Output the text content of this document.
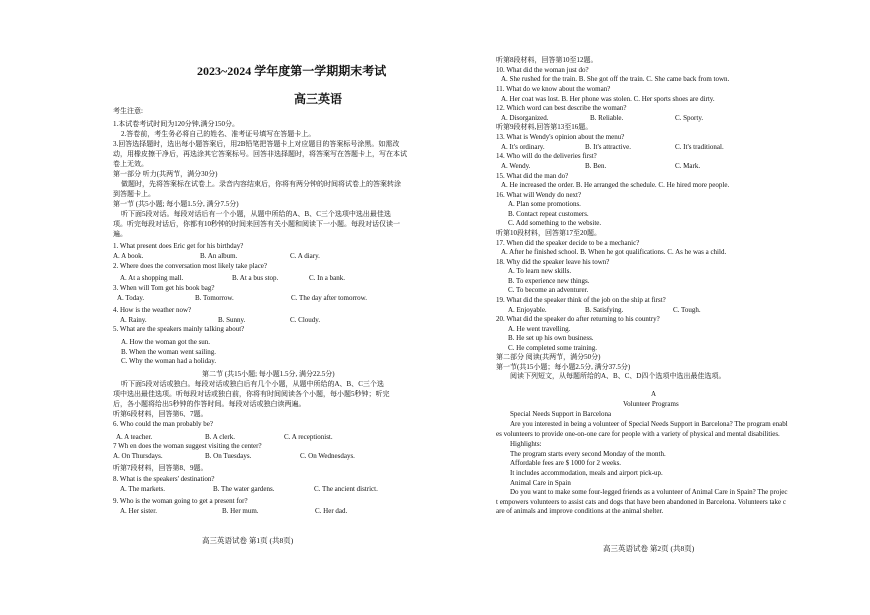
2023~2024 学年度第一学期期末考试
高三英语
考生注意:
1.本试卷考试时间为120分钟,满分150分。
2.答卷前，考生务必将自己的姓名、准考证号填写在答题卡上。
3.回答选择题时，选出每小题答案后，用2B铅笔把答题卡上对应题目的答案标号涂黑。如需改
动，用橡皮擦干净后，再选涂其它答案标号。回答非选择题时，将答案写在答题卡上，写在本试
卷上无效。
第一部分 听力(共两节，满分30分)
做题时，先将答案标在试卷上。录音内容结束后，你将有两分钟的时间将试卷上的答案转涂
到答题卡上。
第一节 (共5小题; 每小题1.5分, 满分7.5分)
听下面5段对话。每段对话后有一个小题，从题中所给的A、B、C三个选项中选出最佳选
项。听完每段对话后，你都有10秒钟的时间来回答有关小题和阅读下一小题。每段对话仅读一
遍。
1. What present does Eric get for his birthday?
A. A book.	B. An album.	C. A diary.
2. Where does the conversation most likely take place?
A. At a shopping mall.	B. At a bus stop.	C. In a bank.
3. When will Tom get his book bag?
A. Today.	B. Tomorrow.	C. The day after tomorrow.
4. How is the weather now?
A. Rainy.	B. Sunny.	C. Cloudy.
5. What are the speakers mainly talking about?
A. How the woman got the sun.
B. When the woman went sailing.
C. Why the woman had a holiday.
第二节 (共15小题; 每小题1.5分, 满分22.5分)
听下面5段对话或独白。每段对话或独白后有几个小题，从题中所给的A、B、C三个选
项中选出最佳选项。听每段对话或独白前，你将有时间阅读各个小题，每小题5秒钟；听完
后，各小题将给出5秒钟的作答时间。每段对话或独白读两遍。
听第6段材料，回答第6、7题。
6. Who could the man probably be?
A. A teacher.	B. A clerk.	C. A receptionist.
7 Wh en does the woman suggest visiting the center?
A. On Thursdays.	B. On Tuesdays.	C. On Wednesdays.
听第7段材料，回答第8、9题。
8. What is the speakers' destination?
A. The markets.	B. The water gardens.	C. The ancient district.
9. Who is the woman going to get a present for?
A. Her sister.	B. Her mum.	C. Her dad.
高三英语试卷 第1页 (共8页)
听第8段材料，回答第10至12题。
10. What did the woman just do?
A. She rushed for the train. B. She got off the train. C. She came back from town.
11. What do we know about the woman?
A. Her coat was lost. B. Her phone was stolen. C. Her sports shoes are dirty.
12. Which word can best describe the woman?
A. Disorganized.	B. Reliable.	C. Sporty.
听第9段材料,回答第13至16题。
13. What is Wendy's opinion about the menu?
A. It's ordinary.	B. It's attractive.	C. It's traditional.
14. Who will do the deliveries first?
A. Wendy.	B. Ben.	C. Mark.
15. What did the man do?
A. He increased the order. B. He arranged the schedule. C. He hired more people.
16. What will Wendy do next?
A. Plan some promotions.
B. Contact repeat customers.
C. Add something to the website.
听第10段材料，回答第17至20题。
17. When did the speaker decide to be a mechanic?
A. After he finished school. B. When he got qualifications. C. As he was a child.
18. Why did the speaker leave his town?
A. To learn new skills.
B. To experience new things.
C. To become an adventurer.
19. What did the speaker think of the job on the ship at first?
A. Enjoyable.	B. Satisfying.	C. Tough.
20. What did the speaker do after returning to his country?
A. He went travelling.
B. He set up his own business.
C. He completed some training.
第二部分 阅读(共两节，满分50分)
第一节(共15小题；每小题2.5分, 满分37.5分)
阅读下列短文，从每题所给的A、B、C、D四个选项中选出最佳选项。
A
Volunteer Programs
Special Needs Support in Barcelona
Are you interested in being a volunteer of Special Needs Support in Barcelona? The program enabl
es volunteers to provide one-on-one care for people with a variety of physical and mental disabilities.
Highlights:
The program starts every second Monday of the month.
Affordable fees are $ 1000 for 2 weeks.
It includes accommodation, meals and airport pick-up.
Animal Care in Spain
Do you want to make some four-legged friends as a volunteer of Animal Care in Spain? The projec
t empowers volunteers to assist cats and dogs that have been abandoned in Barcelona. Volunteers take c
are of animals and improve conditions at the animal shelter.
高三英语试卷 第2页 (共8页)
